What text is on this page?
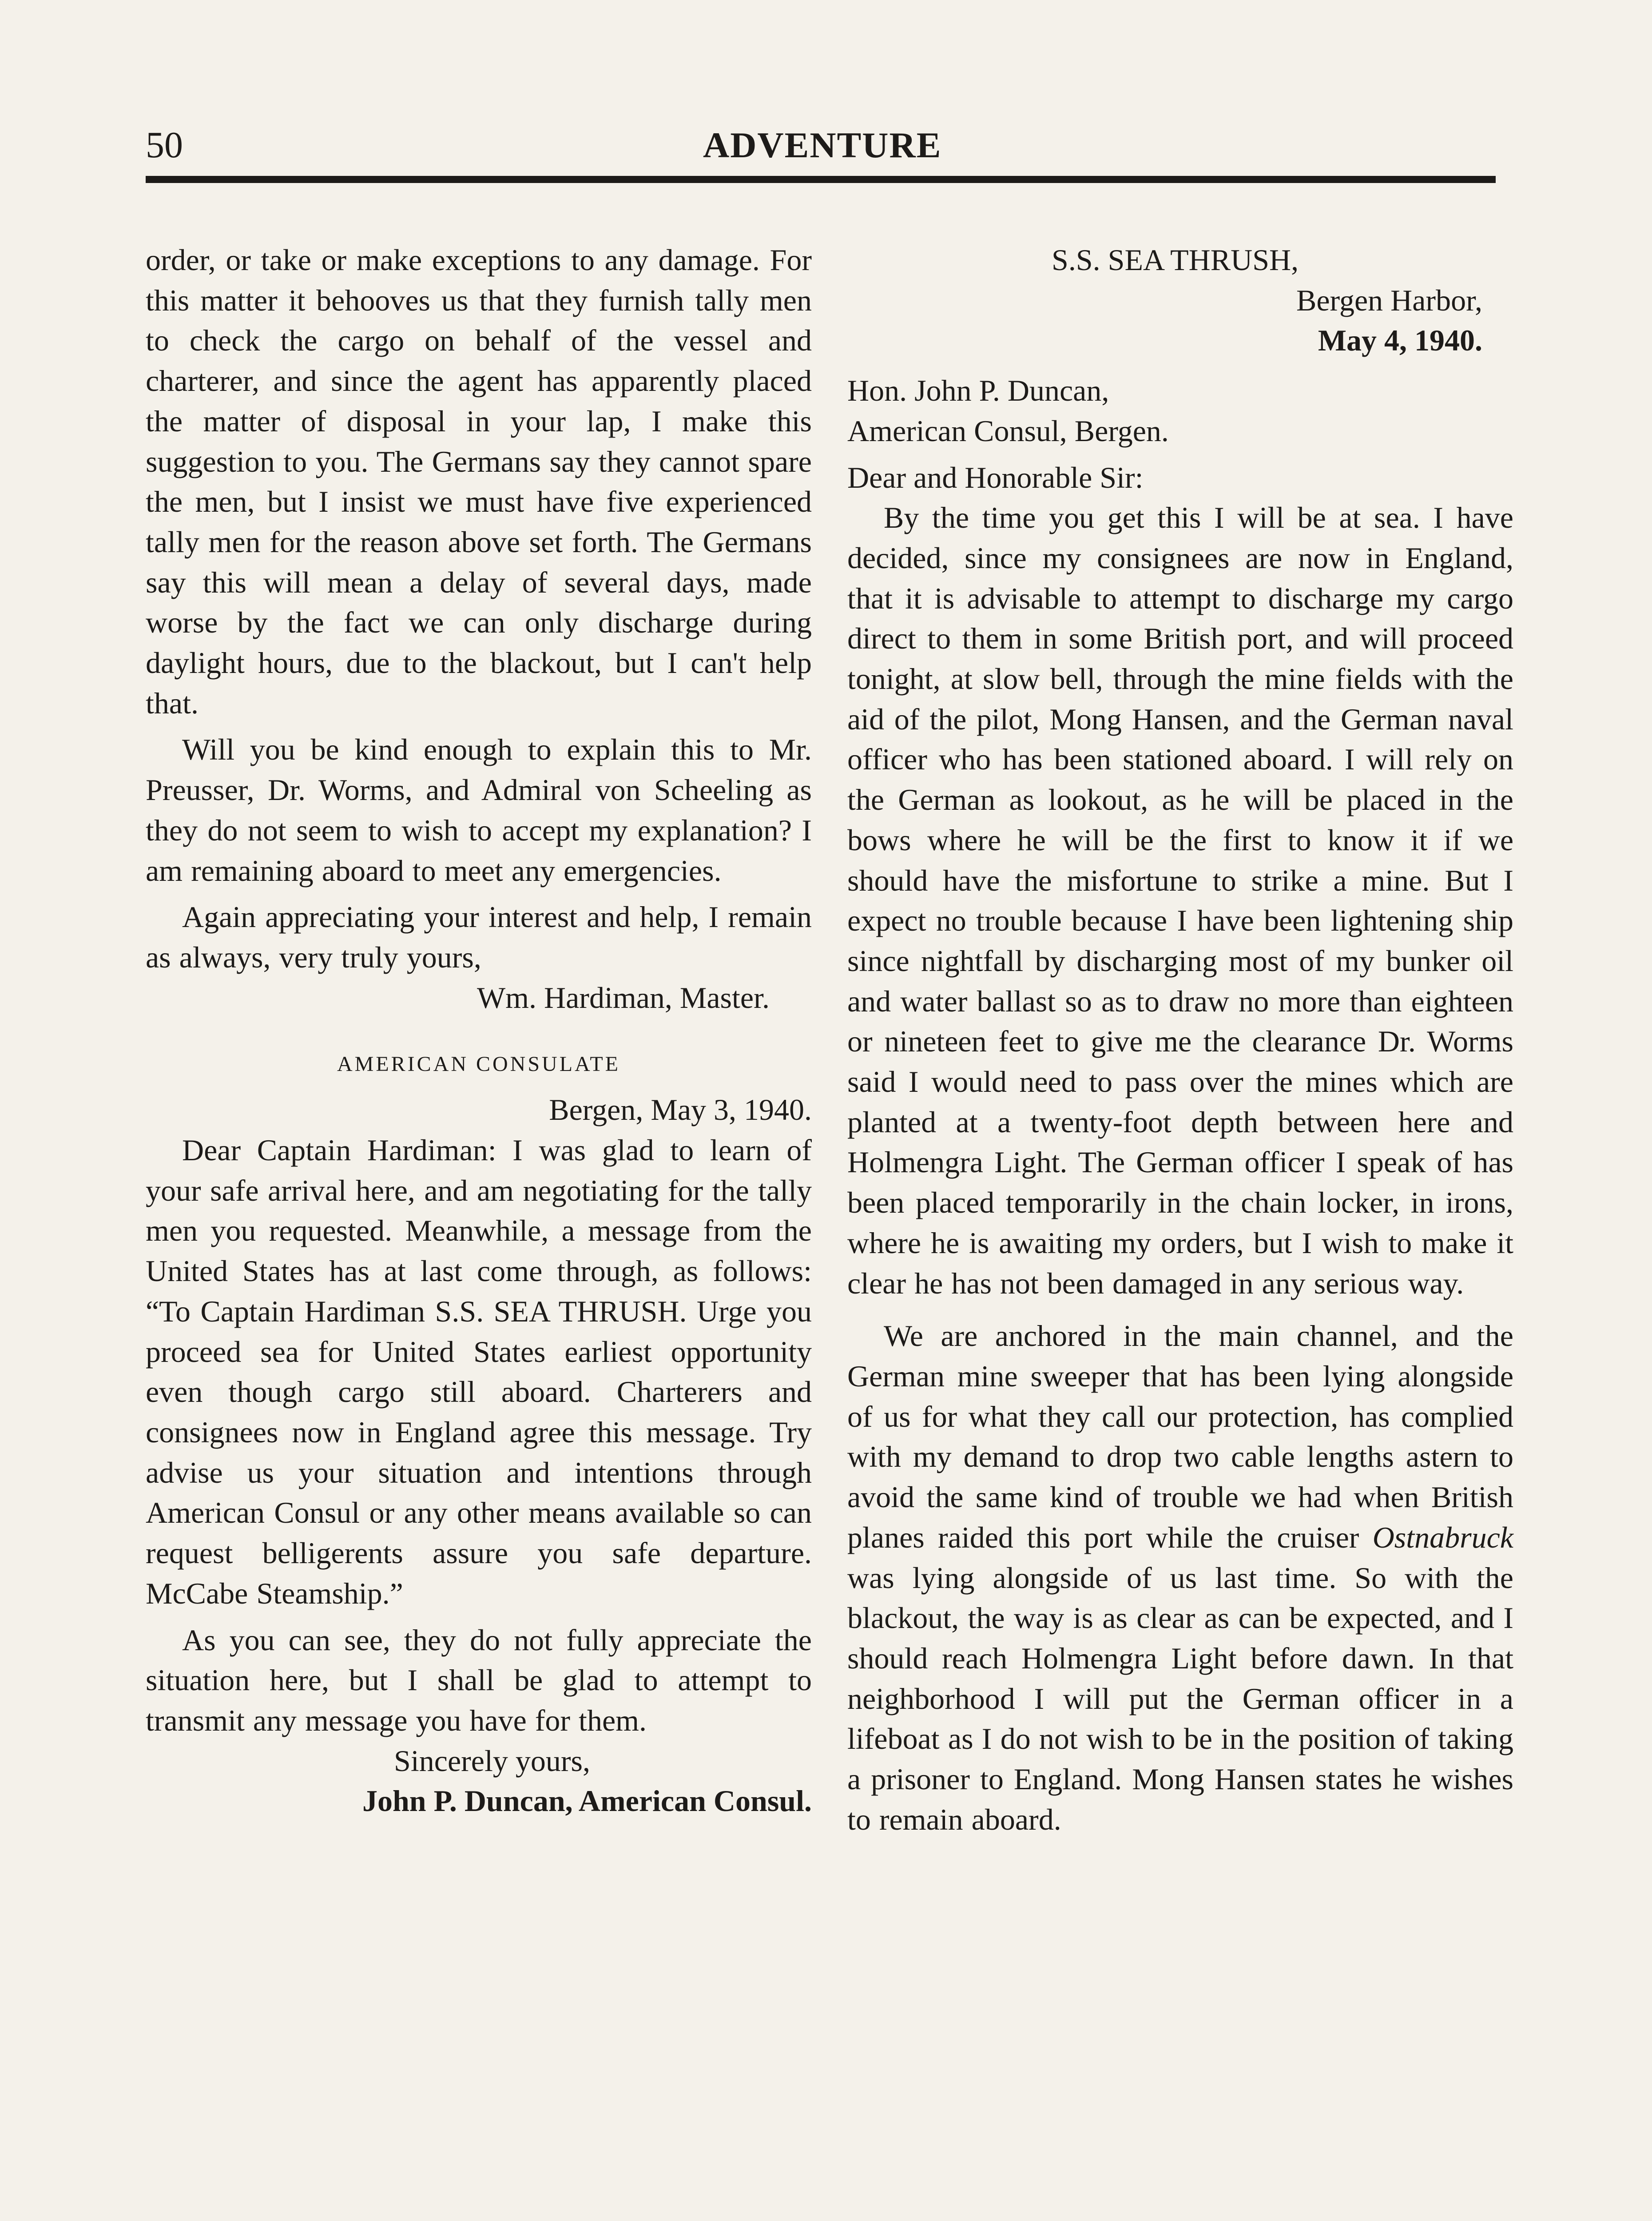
50	ADVENTURE

order, or take or make exceptions to any damage. For this matter it behooves us that they furnish tally men to check the cargo on behalf of the vessel and charterer, and since the agent has apparently placed the matter of disposal in your lap, I make this suggestion to you. The Germans say they cannot spare the men, but I insist we must have five experienced tally men for the reason above set forth. The Germans say this will mean a delay of several days, made worse by the fact we can only discharge during daylight hours, due to the blackout, but I can't help that.

Will you be kind enough to explain this to Mr. Preusser, Dr. Worms, and Admiral von Scheeling as they do not seem to wish to accept my explanation? I am remaining aboard to meet any emergencies.

Again appreciating your interest and help, I remain as always, very truly yours,

Wm. Hardiman, Master.

AMERICAN CONSULATE

Bergen, May 3, 1940.

Dear Captain Hardiman: I was glad to learn of your safe arrival here, and am negotiating for the tally men you requested. Meanwhile, a message from the United States has at last come through, as follows: “To Captain Hardiman S.S. SEA THRUSH. Urge you proceed sea for United States earliest opportunity even though cargo still aboard. Charterers and consignees now in England agree this message. Try advise us your situation and intentions through American Consul or any other means available so can request belligerents assure you safe departure. McCabe Steamship.”

As you can see, they do not fully appreciate the situation here, but I shall be glad to attempt to transmit any message you have for them.

Sincerely yours,

John P. Duncan, American Consul.

S.S. SEA THRUSH,

Bergen Harbor,

May 4, 1940.

Hon. John P. Duncan,

American Consul, Bergen.

Dear and Honorable Sir:

By the time you get this I will be at sea. I have decided, since my consignees are now in England, that it is advisable to attempt to discharge my cargo direct to them in some British port, and will proceed tonight, at slow bell, through the mine fields with the aid of the pilot, Mong Hansen, and the German naval officer who has been stationed aboard. I will rely on the German as lookout, as he will be placed in the bows where he will be the first to know it if we should have the misfortune to strike a mine. But I expect no trouble because I have been lightening ship since nightfall by discharging most of my bunker oil and water ballast so as to draw no more than eighteen or nineteen feet to give me the clearance Dr. Worms said I would need to pass over the mines which are planted at a twenty-foot depth between here and Holmengra Light. The German officer I speak of has been placed temporarily in the chain locker, in irons, where he is awaiting my orders, but I wish to make it clear he has not been damaged in any serious way.

We are anchored in the main channel, and the German mine sweeper that has been lying alongside of us for what they call our protection, has complied with my demand to drop two cable lengths astern to avoid the same kind of trouble we had when British planes raided this port while the cruiser Ostnabruck was lying alongside of us last time. So with the blackout, the way is as clear as can be expected, and I should reach Holmengra Light before dawn. In that neighborhood I will put the German officer in a lifeboat as I do not wish to be in the position of taking a prisoner to England. Mong Hansen states he wishes to remain aboard.
